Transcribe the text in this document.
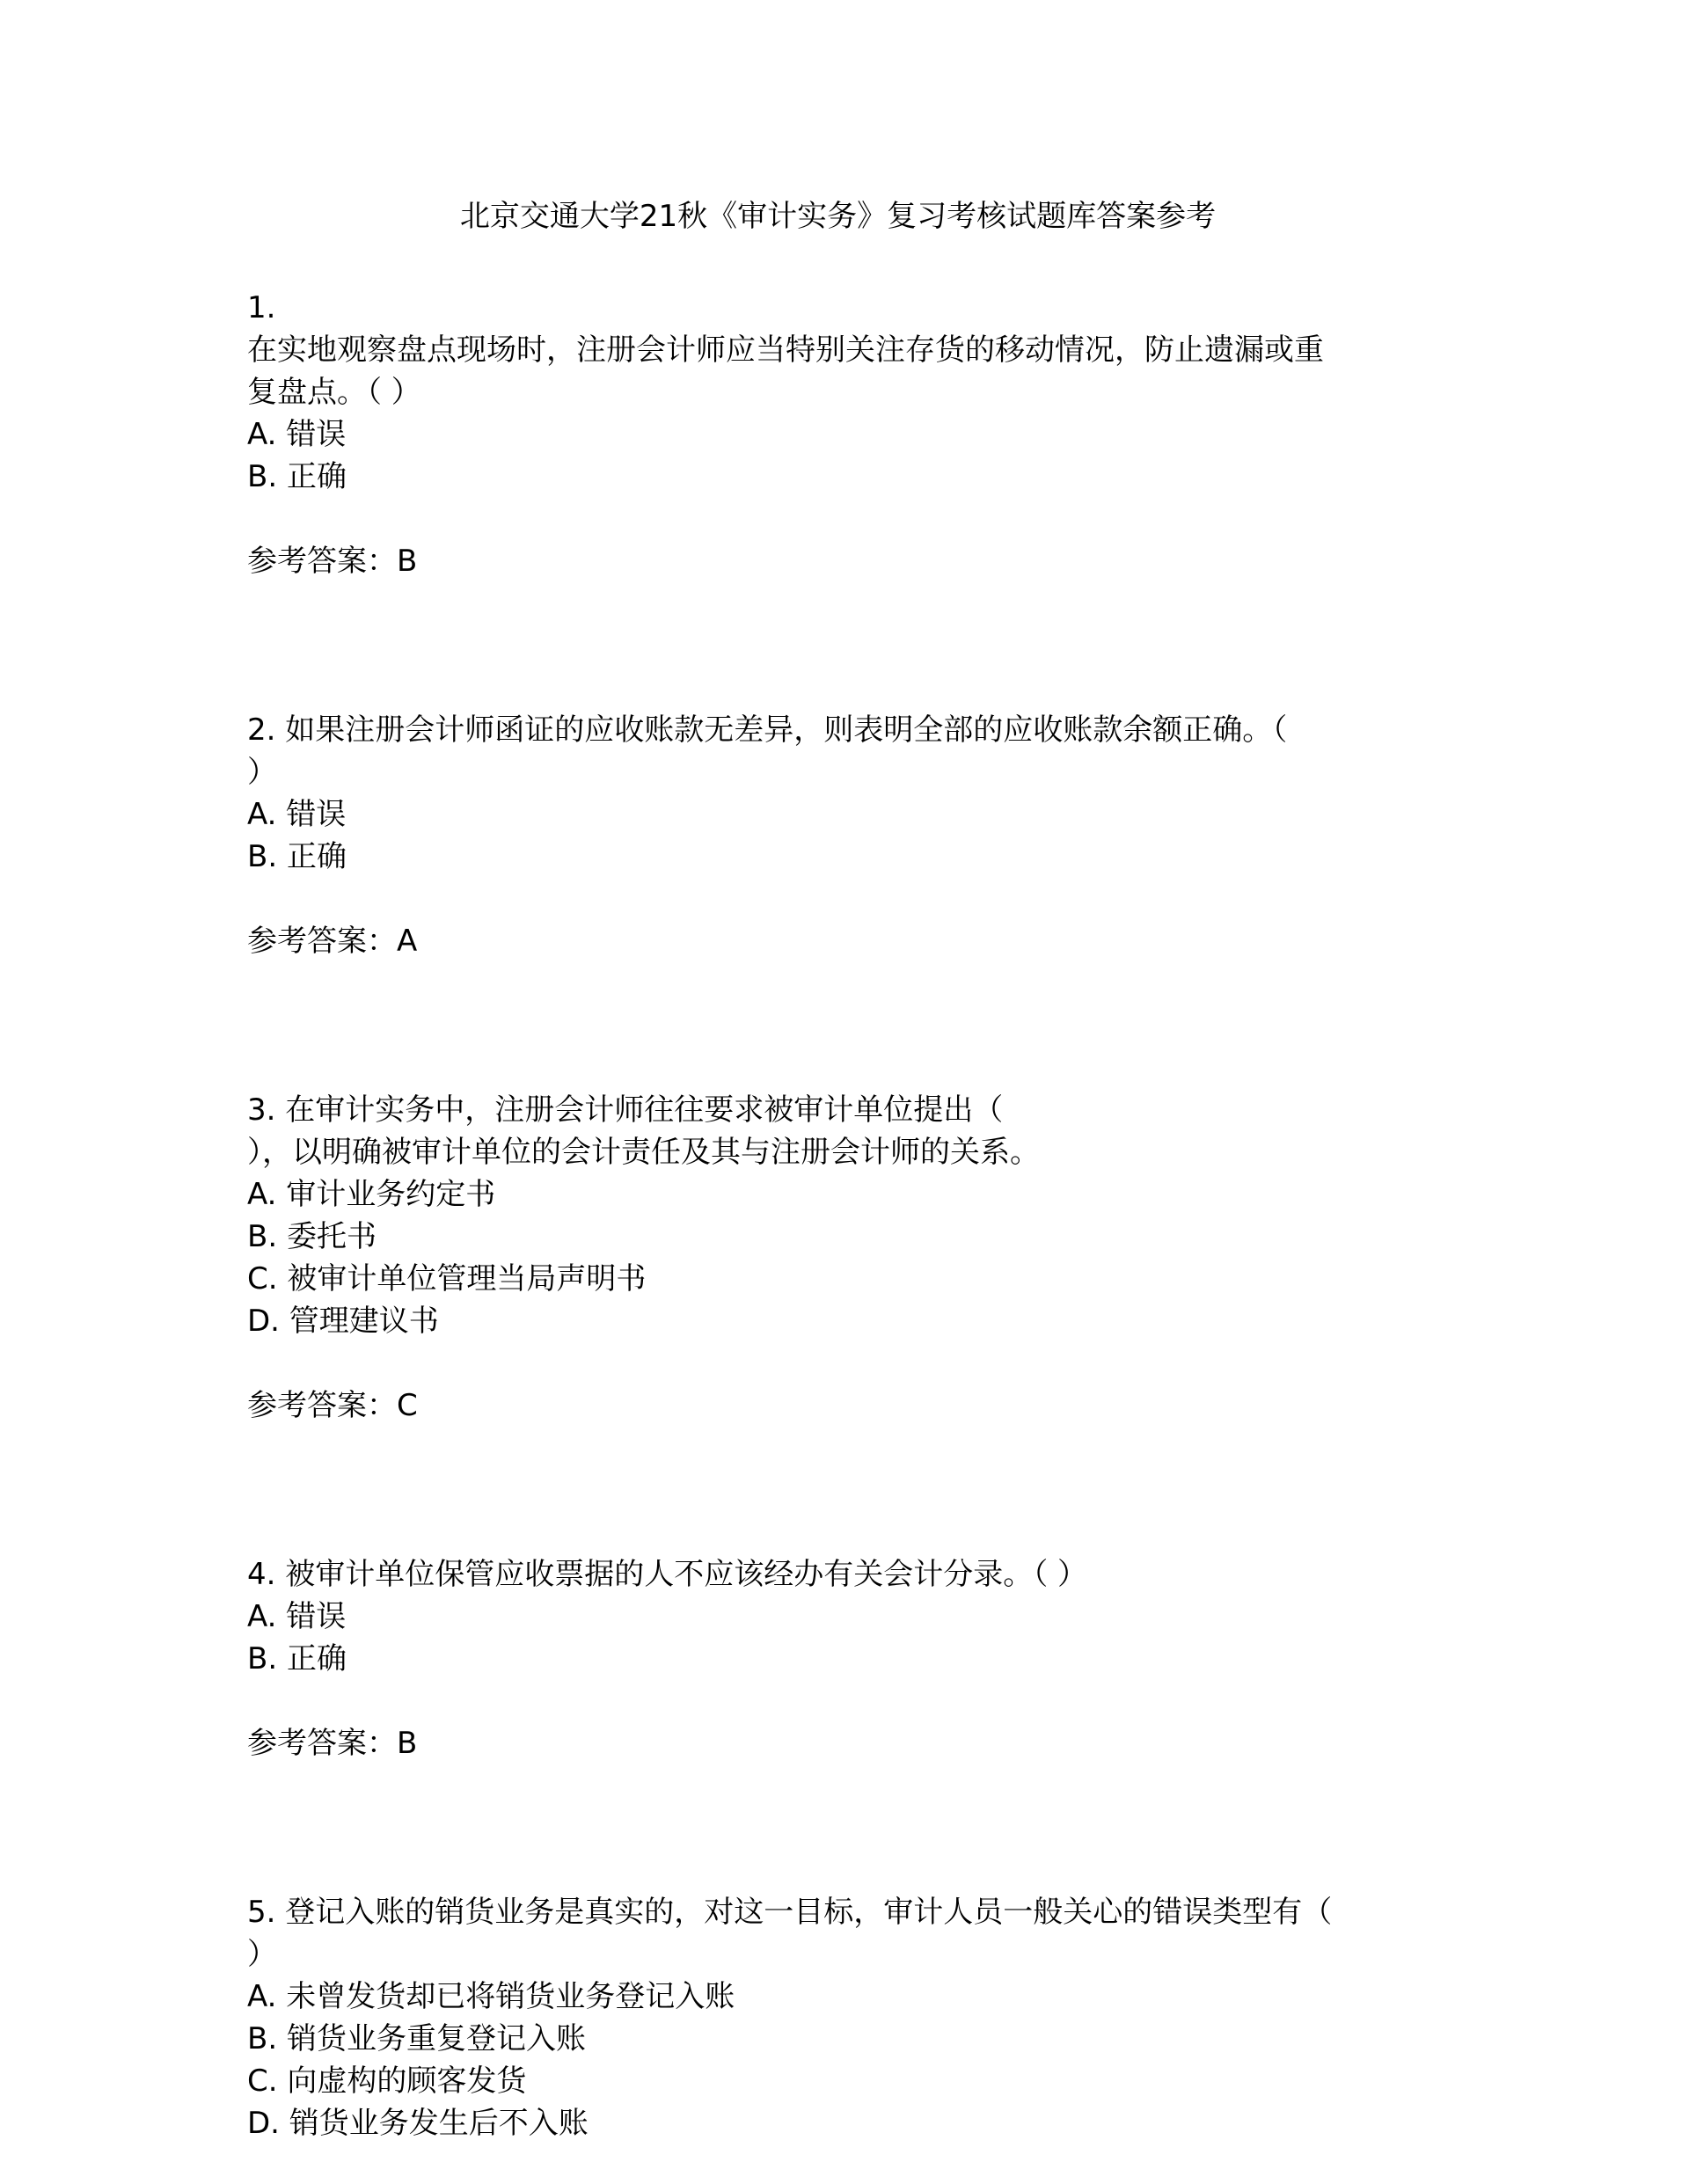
北京交通大学21秋《审计实务》复习考核试题库答案参考
1.
在实地观察盘点现场时，注册会计师应当特别关注存货的移动情况，防止遗漏或重
复盘点。（ ）
A. 错误
B. 正确
参考答案：B
2. 如果注册会计师函证的应收账款无差异，则表明全部的应收账款余额正确。（
）
A. 错误
B. 正确
参考答案：A
3. 在审计实务中，注册会计师往往要求被审计单位提出（
），以明确被审计单位的会计责任及其与注册会计师的关系。
A. 审计业务约定书
B. 委托书
C. 被审计单位管理当局声明书
D. 管理建议书
参考答案：C
4. 被审计单位保管应收票据的人不应该经办有关会计分录。（ ）
A. 错误
B. 正确
参考答案：B
5. 登记入账的销货业务是真实的，对这一目标，审计人员一般关心的错误类型有（
）
A. 未曾发货却已将销货业务登记入账
B. 销货业务重复登记入账
C. 向虚构的顾客发货
D. 销货业务发生后不入账
